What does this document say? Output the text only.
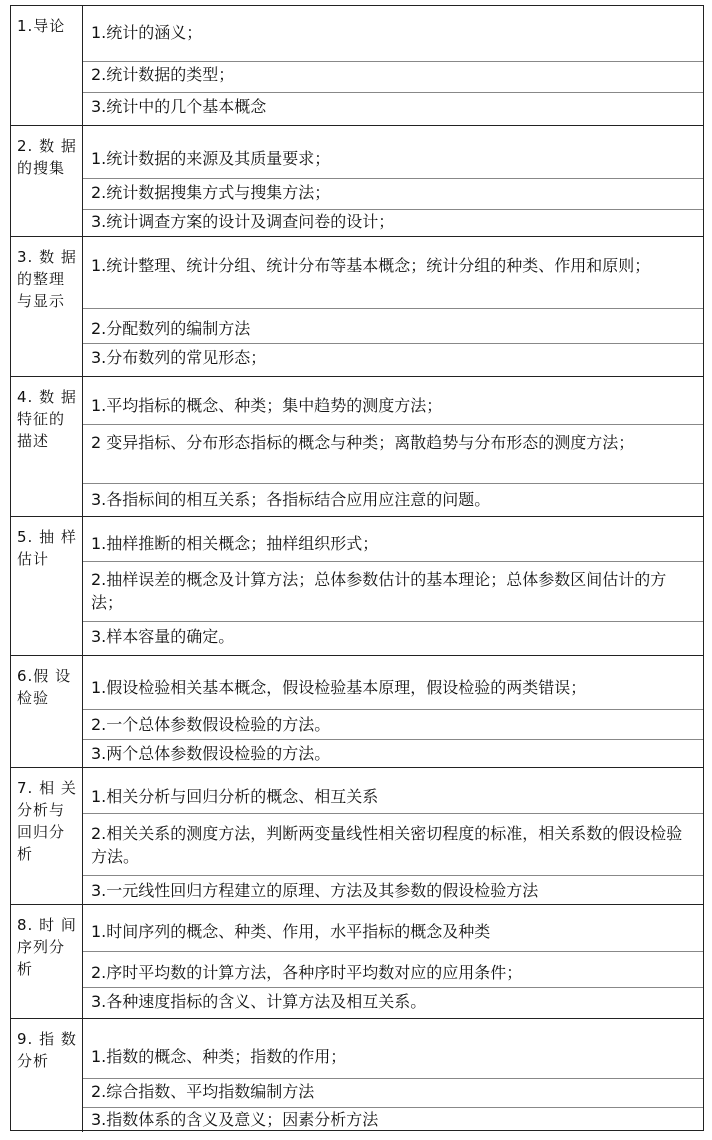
1.导论	1.统计的涵义；
2.统计数据的类型；
3.统计中的几个基本概念
2. 数 据的搜集	1.统计数据的来源及其质量要求；
2.统计数据搜集方式与搜集方法；
3.统计调查方案的设计及调查问卷的设计；
3. 数 据的整理与显示
1.统计整理、统计分组、统计分布等基本概念；统计分组的种类、作用和原则；
2.分配数列的编制方法
3.分布数列的常见形态；
4. 数 据特征的描述
1.平均指标的概念、种类；集中趋势的测度方法；
2 变异指标、分布形态指标的概念与种类；离散趋势与分布形态的测度方法；
3.各指标间的相互关系；各指标结合应用应注意的问题。
5. 抽 样估计
1.抽样推断的相关概念；抽样组织形式；
2.抽样误差的概念及计算方法；总体参数估计的基本理论；总体参数区间估计的方法；
3.样本容量的确定。
6.假 设检验
1.假设检验相关基本概念，假设检验基本原理，假设检验的两类错误；
2.一个总体参数假设检验的方法。
3.两个总体参数假设检验的方法。
7. 相 关分析与回归分析
1.相关分析与回归分析的概念、相互关系
2.相关关系的测度方法，判断两变量线性相关密切程度的标准，相关系数的假设检验方法。
3.一元线性回归方程建立的原理、方法及其参数的假设检验方法
8. 时 间序列分析
1.时间序列的概念、种类、作用，水平指标的概念及种类
2.序时平均数的计算方法，各种序时平均数对应的应用条件；
3.各种速度指标的含义、计算方法及相互关系。
9. 指 数分析	1.指数的概念、种类；指数的作用；
2.综合指数、平均指数编制方法
3.指数体系的含义及意义；因素分析方法
